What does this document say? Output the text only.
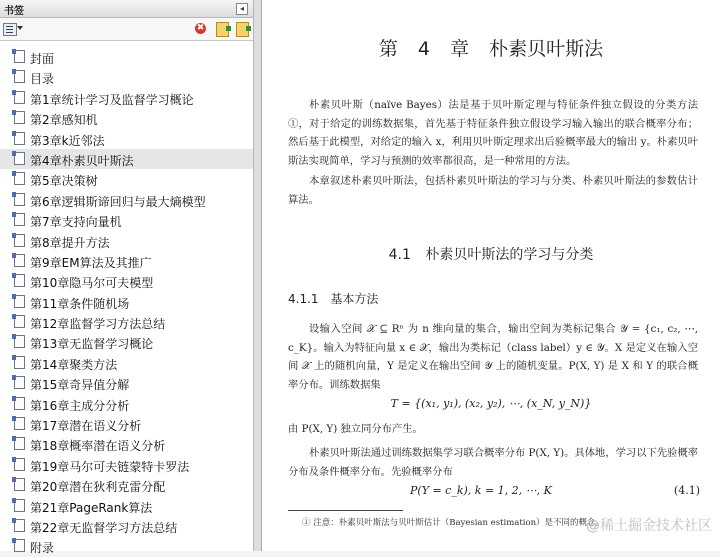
书签	◂
✖
封面
目录
第1章统计学习及监督学习概论
第2章感知机
第3章k近邻法
第4章朴素贝叶斯法
第5章决策树
第6章逻辑斯谛回归与最大熵模型
第7章支持向量机
第8章提升方法
第9章EM算法及其推广
第10章隐马尔可夫模型
第11章条件随机场
第12章监督学习方法总结
第13章无监督学习概论
第14章聚类方法
第15章奇异值分解
第16章主成分分析
第17章潜在语义分析
第18章概率潜在语义分析
第19章马尔可夫链蒙特卡罗法
第20章潜在狄利克雷分配
第21章PageRank算法
第22章无监督学习方法总结
附录
第 4 章 朴素贝叶斯法
朴素贝叶斯（naïve Bayes）法是基于贝叶斯定理与特征条件独立假设的分类方法①，对于给定的训练数据集，首先基于特征条件独立假设学习输入输出的联合概率分布；然后基于此模型，对给定的输入 x，利用贝叶斯定理求出后验概率最大的输出 y。朴素贝叶斯法实现简单，学习与预测的效率都很高，是一种常用的方法。
本章叙述朴素贝叶斯法，包括朴素贝叶斯法的学习与分类、朴素贝叶斯法的参数估计算法。
4.1 朴素贝叶斯法的学习与分类
4.1.1 基本方法
设输入空间 𝒳 ⊆ Rⁿ 为 n 维向量的集合，输出空间为类标记集合 𝒴 = {c₁, c₂, ⋯, c_K}。输入为特征向量 x ∈ 𝒳，输出为类标记（class label）y ∈ 𝒴。X 是定义在输入空间 𝒳 上的随机向量，Y 是定义在输出空间 𝒴 上的随机变量。P(X, Y) 是 X 和 Y 的联合概率分布。训练数据集
T = {(x₁, y₁), (x₂, y₂), ⋯, (x_N, y_N)}
由 P(X, Y) 独立同分布产生。
朴素贝叶斯法通过训练数据集学习联合概率分布 P(X, Y)。具体地，学习以下先验概率分布及条件概率分布。先验概率分布
P(Y = c_k), k = 1, 2, ⋯, K	(4.1)
① 注意：朴素贝叶斯法与贝叶斯估计（Bayesian estimation）是不同的概念。
@稀土掘金技术社区
